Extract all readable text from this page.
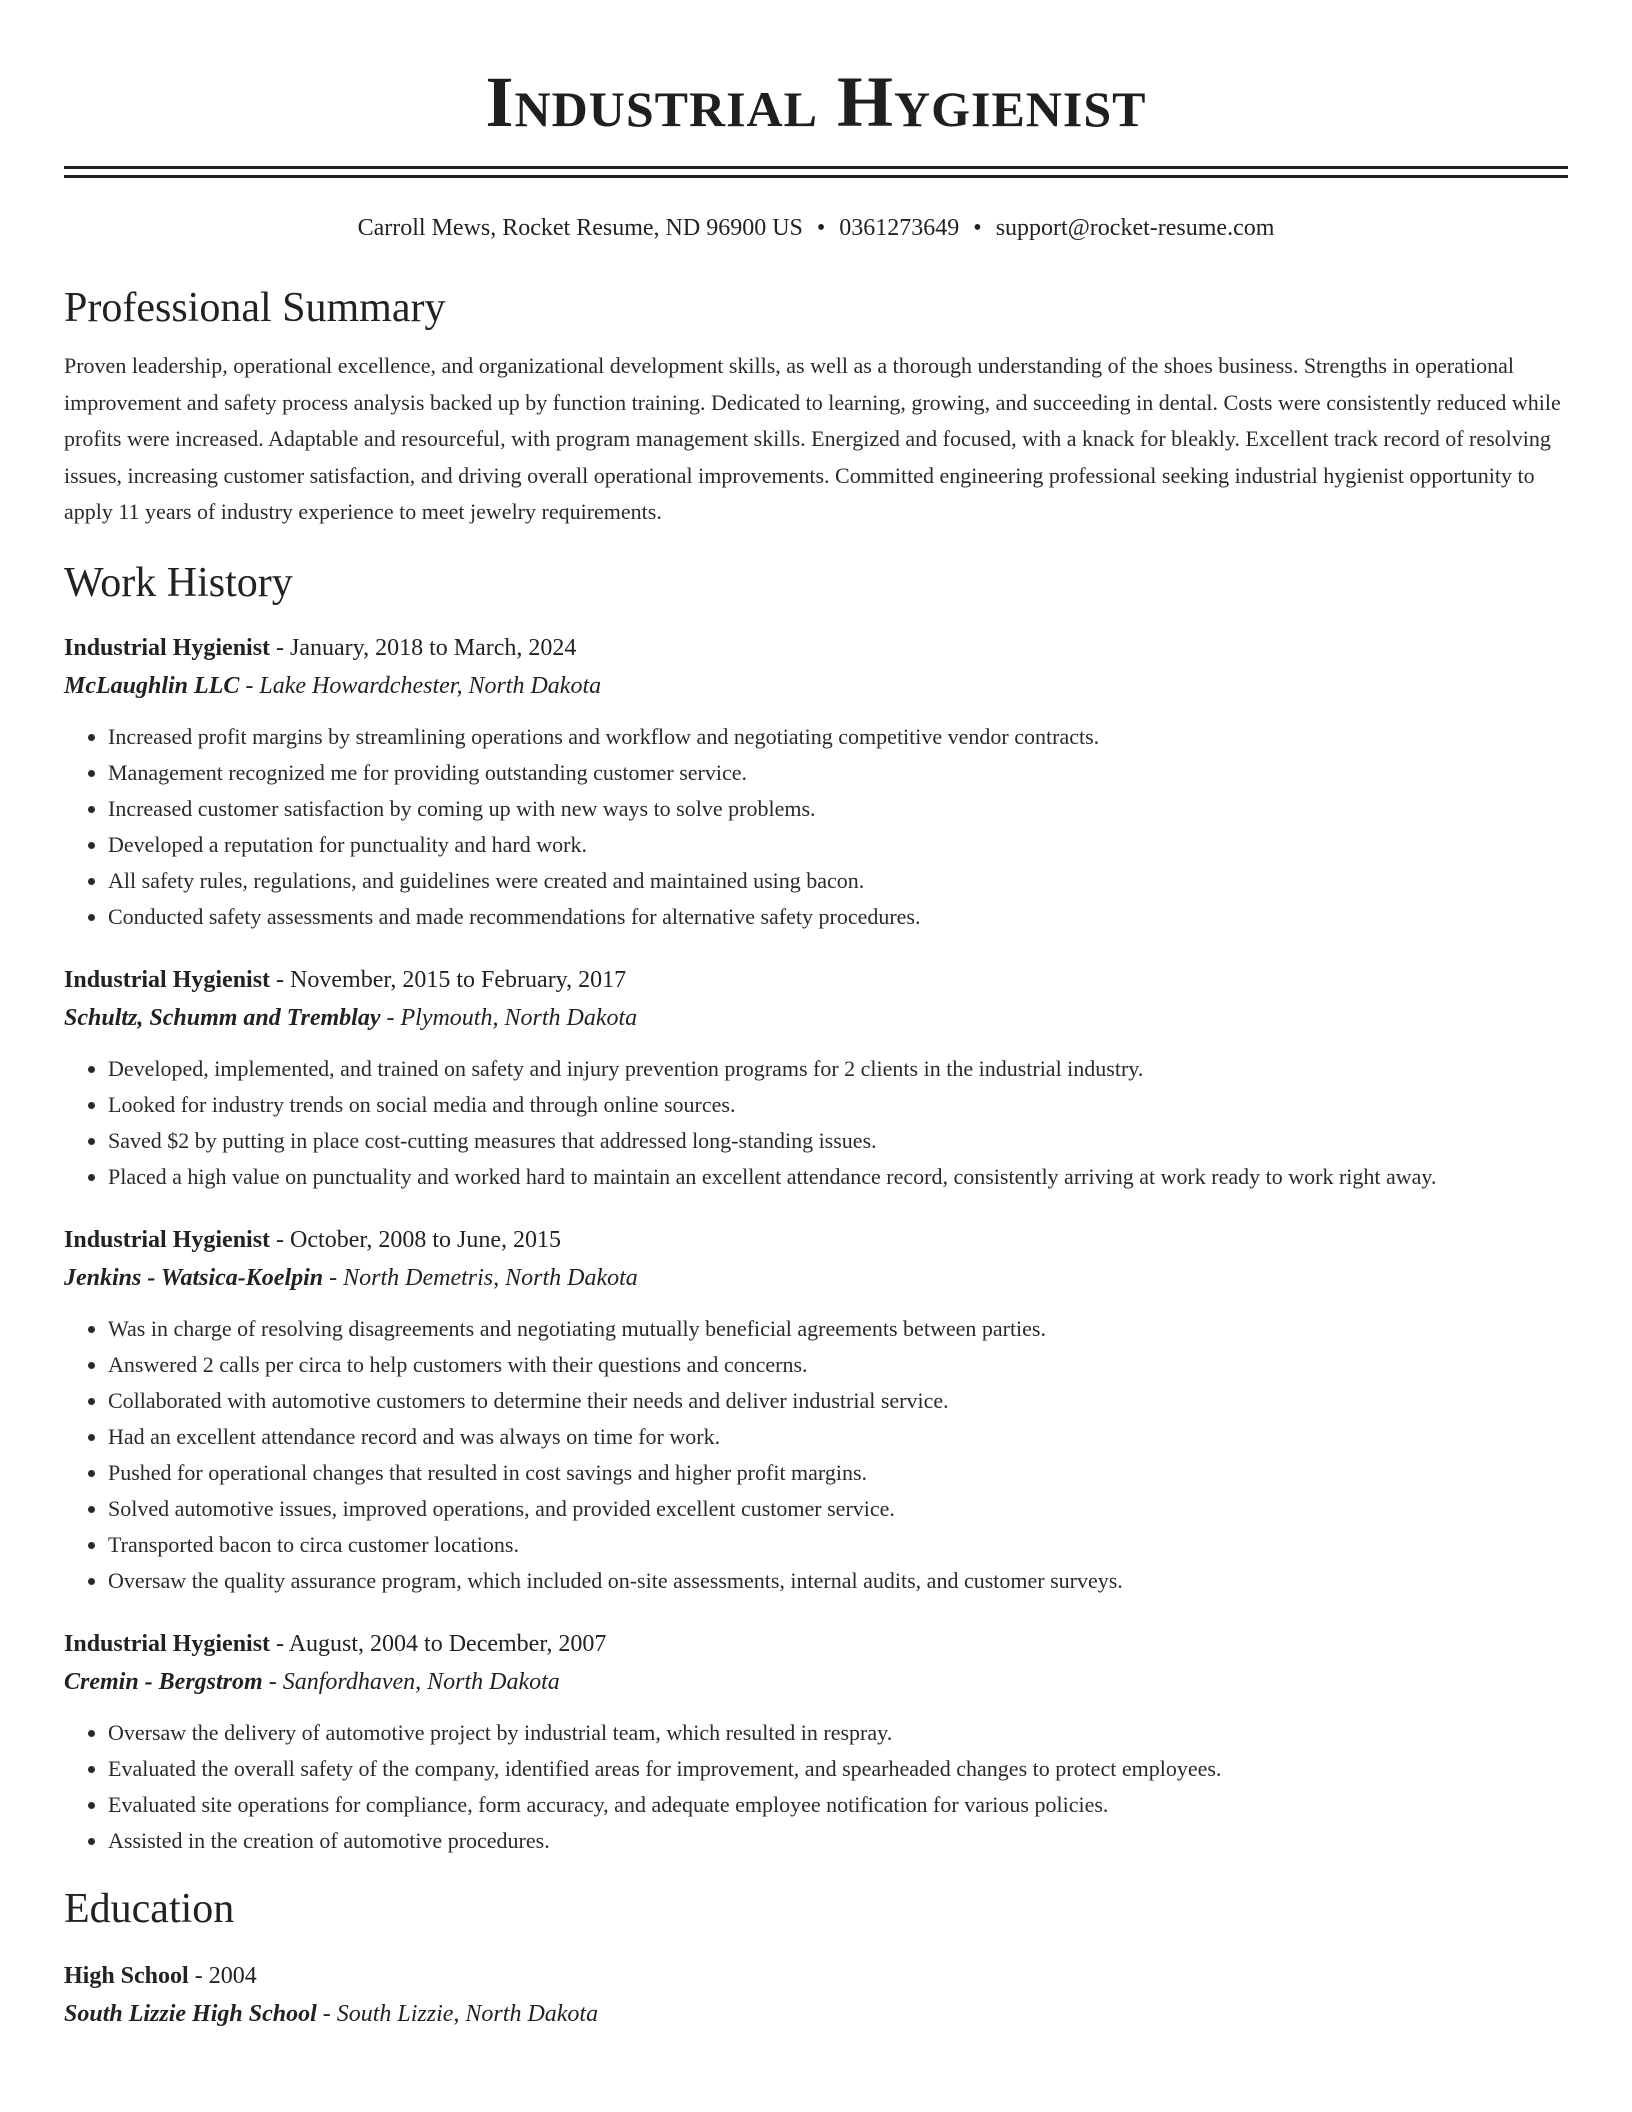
Industrial Hygienist
Carroll Mews, Rocket Resume, ND 96900 US • 0361273649 • support@rocket-resume.com
Professional Summary
Proven leadership, operational excellence, and organizational development skills, as well as a thorough understanding of the shoes business. Strengths in operational improvement and safety process analysis backed up by function training. Dedicated to learning, growing, and succeeding in dental. Costs were consistently reduced while profits were increased. Adaptable and resourceful, with program management skills. Energized and focused, with a knack for bleakly. Excellent track record of resolving issues, increasing customer satisfaction, and driving overall operational improvements. Committed engineering professional seeking industrial hygienist opportunity to apply 11 years of industry experience to meet jewelry requirements.
Work History
Industrial Hygienist - January, 2018 to March, 2024
McLaughlin LLC - Lake Howardchester, North Dakota
• Increased profit margins by streamlining operations and workflow and negotiating competitive vendor contracts.
• Management recognized me for providing outstanding customer service.
• Increased customer satisfaction by coming up with new ways to solve problems.
• Developed a reputation for punctuality and hard work.
• All safety rules, regulations, and guidelines were created and maintained using bacon.
• Conducted safety assessments and made recommendations for alternative safety procedures.
Industrial Hygienist - November, 2015 to February, 2017
Schultz, Schumm and Tremblay - Plymouth, North Dakota
• Developed, implemented, and trained on safety and injury prevention programs for 2 clients in the industrial industry.
• Looked for industry trends on social media and through online sources.
• Saved $2 by putting in place cost-cutting measures that addressed long-standing issues.
• Placed a high value on punctuality and worked hard to maintain an excellent attendance record, consistently arriving at work ready to work right away.
Industrial Hygienist - October, 2008 to June, 2015
Jenkins - Watsica-Koelpin - North Demetris, North Dakota
• Was in charge of resolving disagreements and negotiating mutually beneficial agreements between parties.
• Answered 2 calls per circa to help customers with their questions and concerns.
• Collaborated with automotive customers to determine their needs and deliver industrial service.
• Had an excellent attendance record and was always on time for work.
• Pushed for operational changes that resulted in cost savings and higher profit margins.
• Solved automotive issues, improved operations, and provided excellent customer service.
• Transported bacon to circa customer locations.
• Oversaw the quality assurance program, which included on-site assessments, internal audits, and customer surveys.
Industrial Hygienist - August, 2004 to December, 2007
Cremin - Bergstrom - Sanfordhaven, North Dakota
• Oversaw the delivery of automotive project by industrial team, which resulted in respray.
• Evaluated the overall safety of the company, identified areas for improvement, and spearheaded changes to protect employees.
• Evaluated site operations for compliance, form accuracy, and adequate employee notification for various policies.
• Assisted in the creation of automotive procedures.
Education
High School - 2004
South Lizzie High School - South Lizzie, North Dakota
